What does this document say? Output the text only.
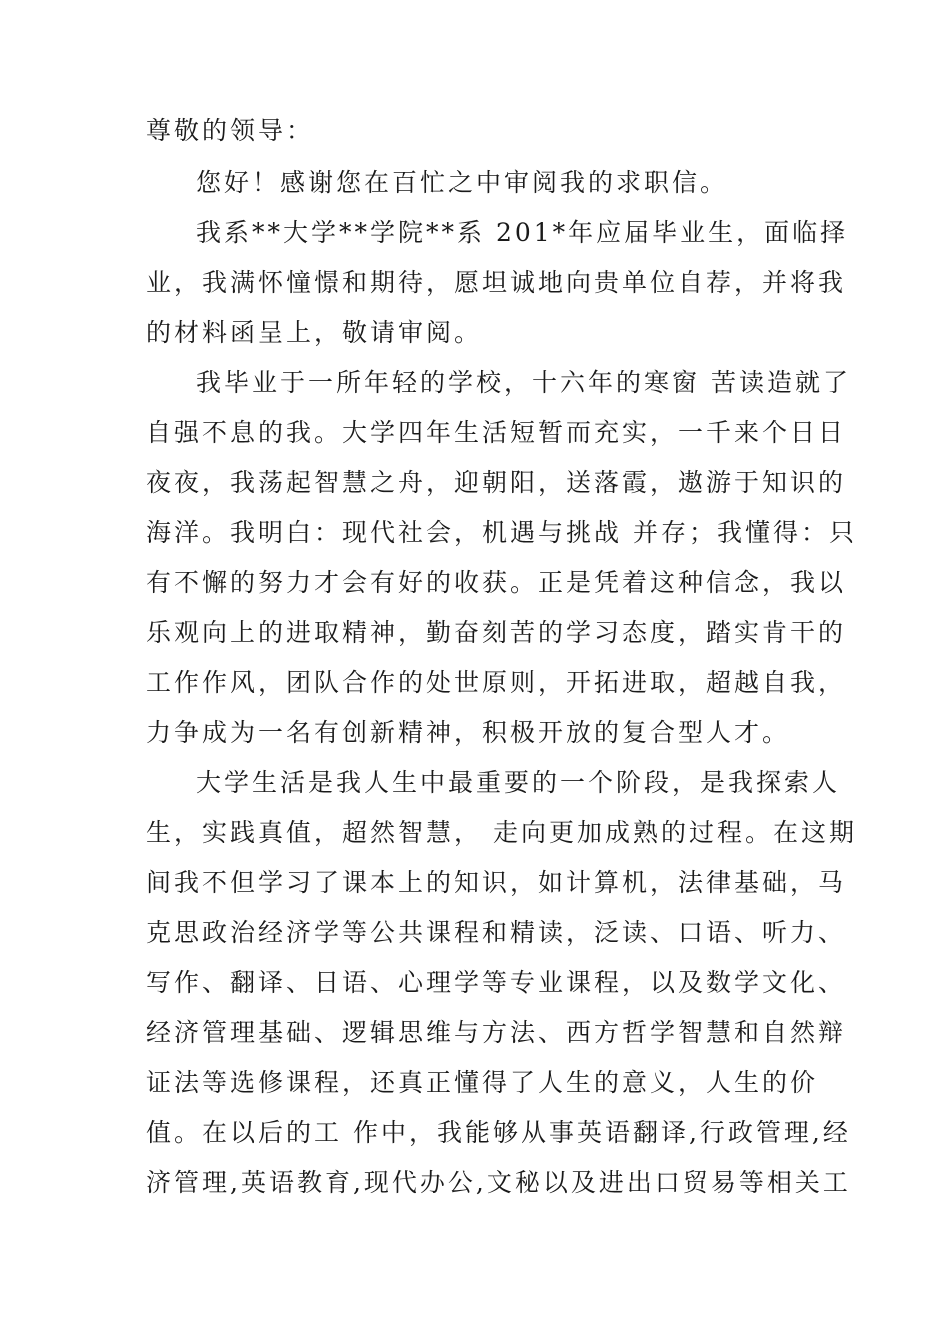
尊敬的领导：
您好！感谢您在百忙之中审阅我的求职信。
我系**大学**学院**系 201*年应届毕业生，面临择
业，我满怀憧憬和期待，愿坦诚地向贵单位自荐，并将我
的材料函呈上，敬请审阅。
我毕业于一所年轻的学校，十六年的寒窗 苦读造就了
自强不息的我。大学四年生活短暂而充实，一千来个日日
夜夜，我荡起智慧之舟，迎朝阳，送落霞，遨游于知识的
海洋。我明白：现代社会，机遇与挑战 并存；我懂得：只
有不懈的努力才会有好的收获。正是凭着这种信念，我以
乐观向上的进取精神，勤奋刻苦的学习态度，踏实肯干的
工作作风，团队合作的处世原则，开拓进取，超越自我，
力争成为一名有创新精神，积极开放的复合型人才。
大学生活是我人生中最重要的一个阶段，是我探索人
生，实践真值，超然智慧， 走向更加成熟的过程。在这期
间我不但学习了课本上的知识，如计算机，法律基础，马
克思政治经济学等公共课程和精读，泛读、口语、听力、
写作、翻译、日语、心理学等专业课程，以及数学文化、
经济管理基础、逻辑思维与方法、西方哲学智慧和自然辩
证法等选修课程，还真正懂得了人生的意义，人生的价
值。在以后的工 作中，我能够从事英语翻译,行政管理,经
济管理,英语教育,现代办公,文秘以及进出口贸易等相关工
